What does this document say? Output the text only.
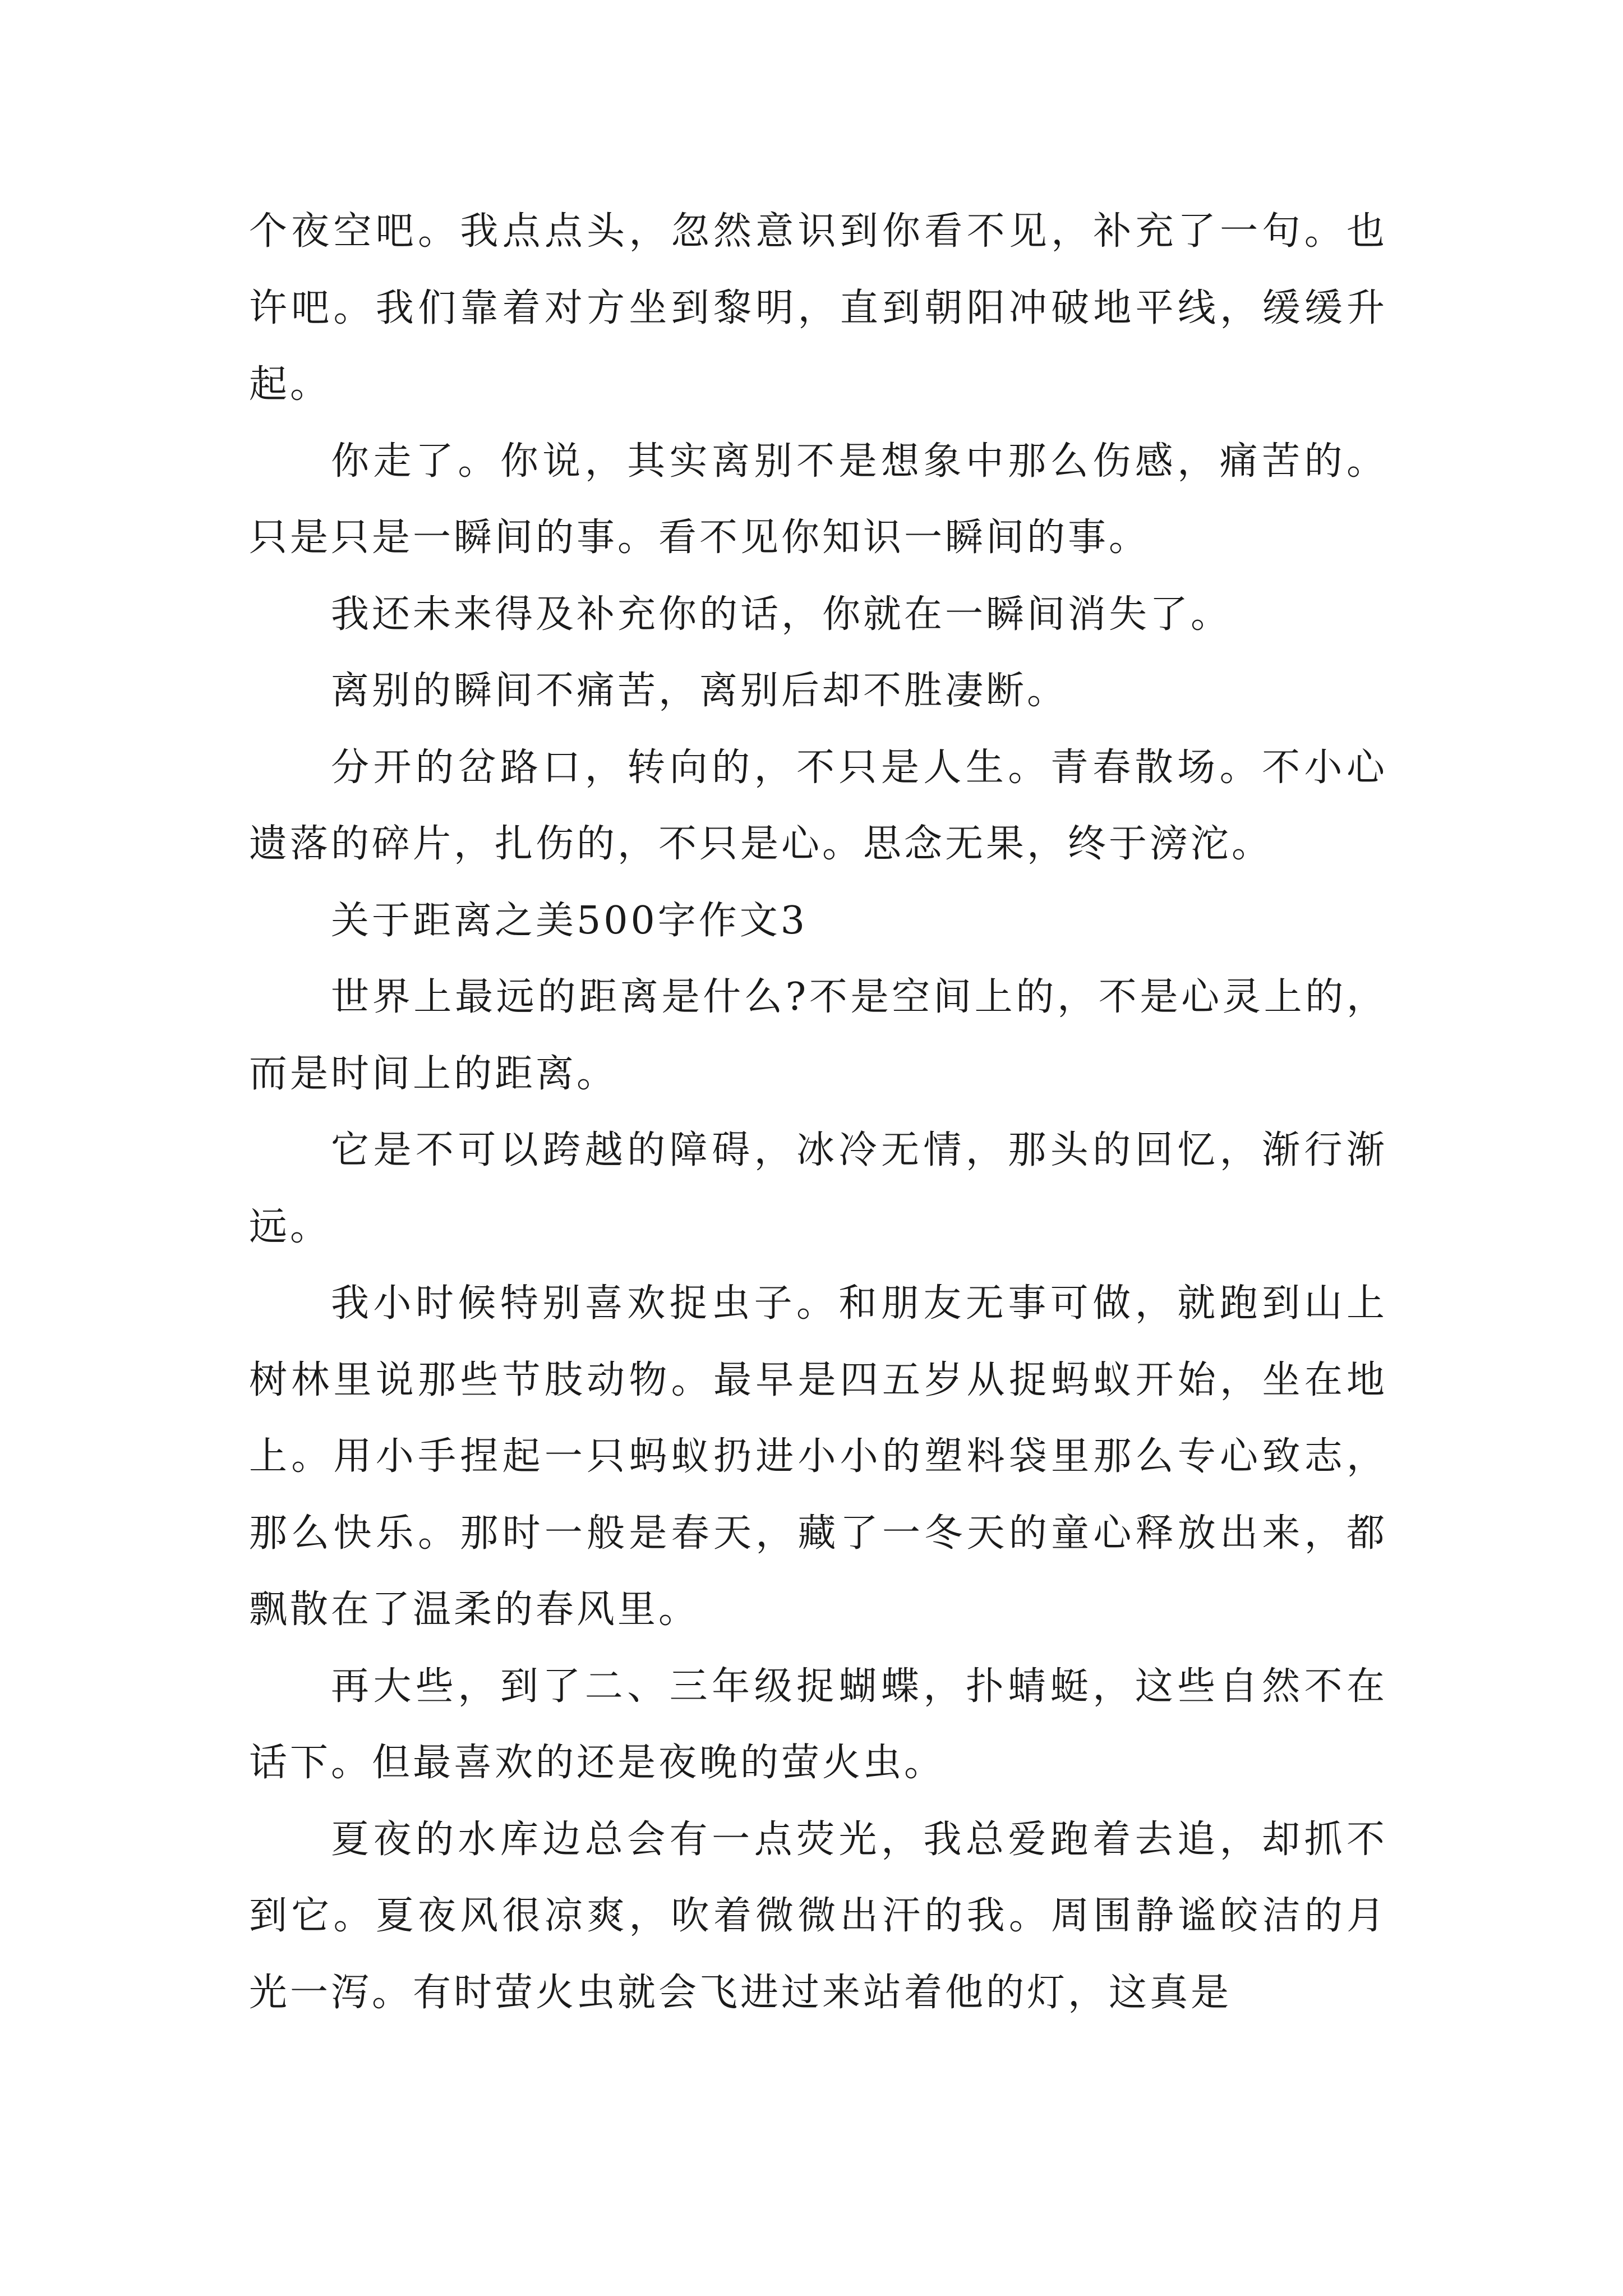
个夜空吧。我点点头，忽然意识到你看不见，补充了一句。也许吧。我们靠着对方坐到黎明，直到朝阳冲破地平线，缓缓升起。

你走了。你说，其实离别不是想象中那么伤感，痛苦的。只是只是一瞬间的事。看不见你知识一瞬间的事。

我还未来得及补充你的话，你就在一瞬间消失了。

离别的瞬间不痛苦，离别后却不胜凄断。

分开的岔路口，转向的，不只是人生。青春散场。不小心遗落的碎片，扎伤的，不只是心。思念无果，终于滂沱。

关于距离之美500字作文3

世界上最远的距离是什么?不是空间上的，不是心灵上的，而是时间上的距离。

它是不可以跨越的障碍，冰冷无情，那头的回忆，渐行渐远。

我小时候特别喜欢捉虫子。和朋友无事可做，就跑到山上树林里说那些节肢动物。最早是四五岁从捉蚂蚁开始，坐在地上。用小手捏起一只蚂蚁扔进小小的塑料袋里那么专心致志，那么快乐。那时一般是春天，藏了一冬天的童心释放出来，都飘散在了温柔的春风里。

再大些，到了二、三年级捉蝴蝶，扑蜻蜓，这些自然不在话下。但最喜欢的还是夜晚的萤火虫。

夏夜的水库边总会有一点荧光，我总爱跑着去追，却抓不到它。夏夜风很凉爽，吹着微微出汗的我。周围静谧皎洁的月光一泻。有时萤火虫就会飞进过来站着他的灯，这真是
